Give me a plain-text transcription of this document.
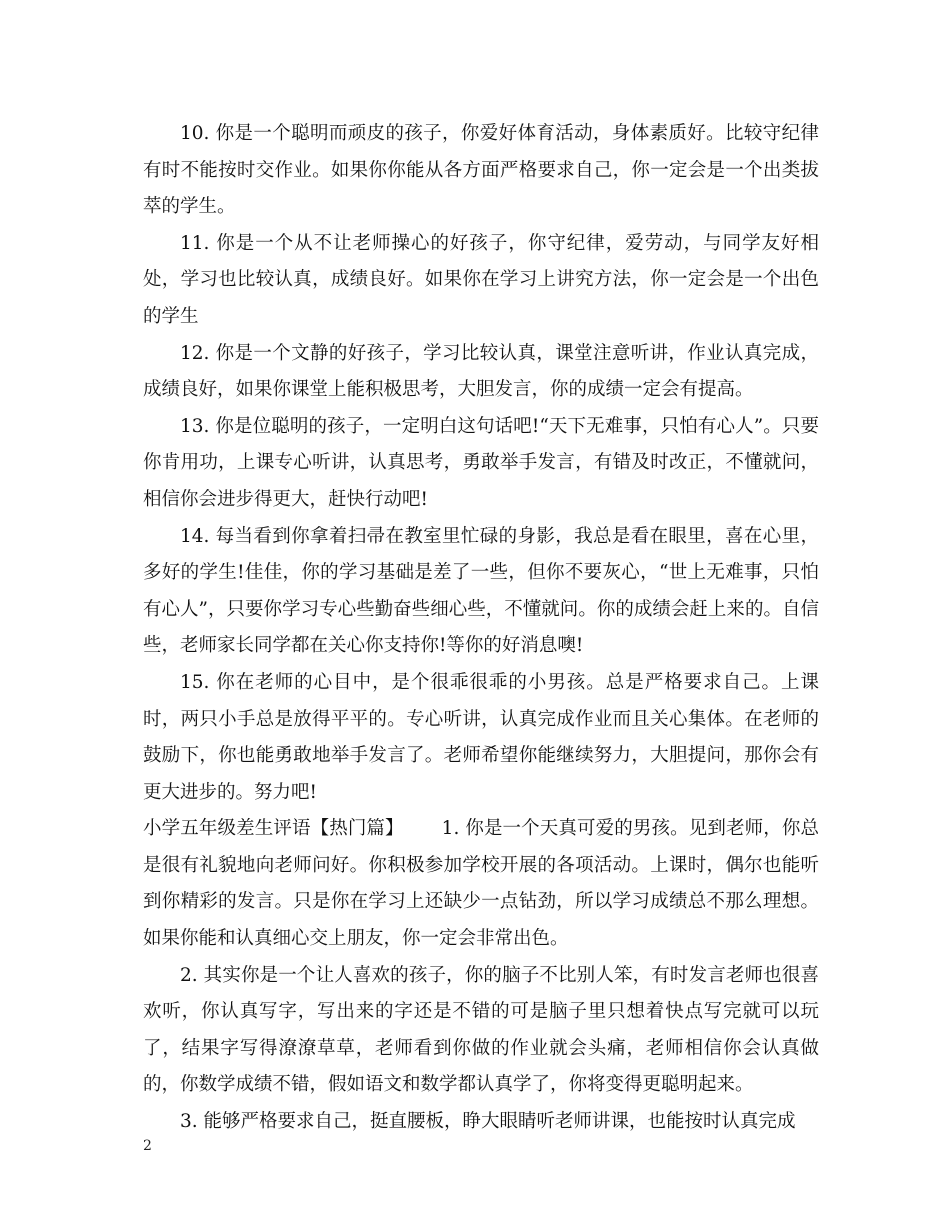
10. 你是一个聪明而顽皮的孩子，你爱好体育活动，身体素质好。比较守纪律有时不能按时交作业。如果你你能从各方面严格要求自己，你一定会是一个出类拔萃的学生。

11. 你是一个从不让老师操心的好孩子，你守纪律，爱劳动，与同学友好相处，学习也比较认真，成绩良好。如果你在学习上讲究方法，你一定会是一个出色的学生

12. 你是一个文静的好孩子，学习比较认真，课堂注意听讲，作业认真完成，成绩良好，如果你课堂上能积极思考，大胆发言，你的成绩一定会有提高。

13. 你是位聪明的孩子，一定明白这句话吧!“天下无难事，只怕有心人”。只要你肯用功，上课专心听讲，认真思考，勇敢举手发言，有错及时改正，不懂就问，相信你会进步得更大，赶快行动吧!

14. 每当看到你拿着扫帚在教室里忙碌的身影，我总是看在眼里，喜在心里，多好的学生!佳佳，你的学习基础是差了一些，但你不要灰心，“世上无难事，只怕有心人”，只要你学习专心些勤奋些细心些，不懂就问。你的成绩会赶上来的。自信些，老师家长同学都在关心你支持你!等你的好消息噢!

15. 你在老师的心目中，是个很乖很乖的小男孩。总是严格要求自己。上课时，两只小手总是放得平平的。专心听讲，认真完成作业而且关心集体。在老师的鼓励下，你也能勇敢地举手发言了。老师希望你能继续努力，大胆提问，那你会有更大进步的。努力吧!

小学五年级差生评语【热门篇】 1. 你是一个天真可爱的男孩。见到老师，你总是很有礼貌地向老师问好。你积极参加学校开展的各项活动。上课时，偶尔也能听到你精彩的发言。只是你在学习上还缺少一点钻劲，所以学习成绩总不那么理想。如果你能和认真细心交上朋友，你一定会非常出色。

2. 其实你是一个让人喜欢的孩子，你的脑子不比别人笨，有时发言老师也很喜欢听，你认真写字，写出来的字还是不错的可是脑子里只想着快点写完就可以玩了，结果字写得潦潦草草，老师看到你做的作业就会头痛，老师相信你会认真做的，你数学成绩不错，假如语文和数学都认真学了，你将变得更聪明起来。

3. 能够严格要求自己，挺直腰板，睁大眼睛听老师讲课，也能按时认真完成

2
